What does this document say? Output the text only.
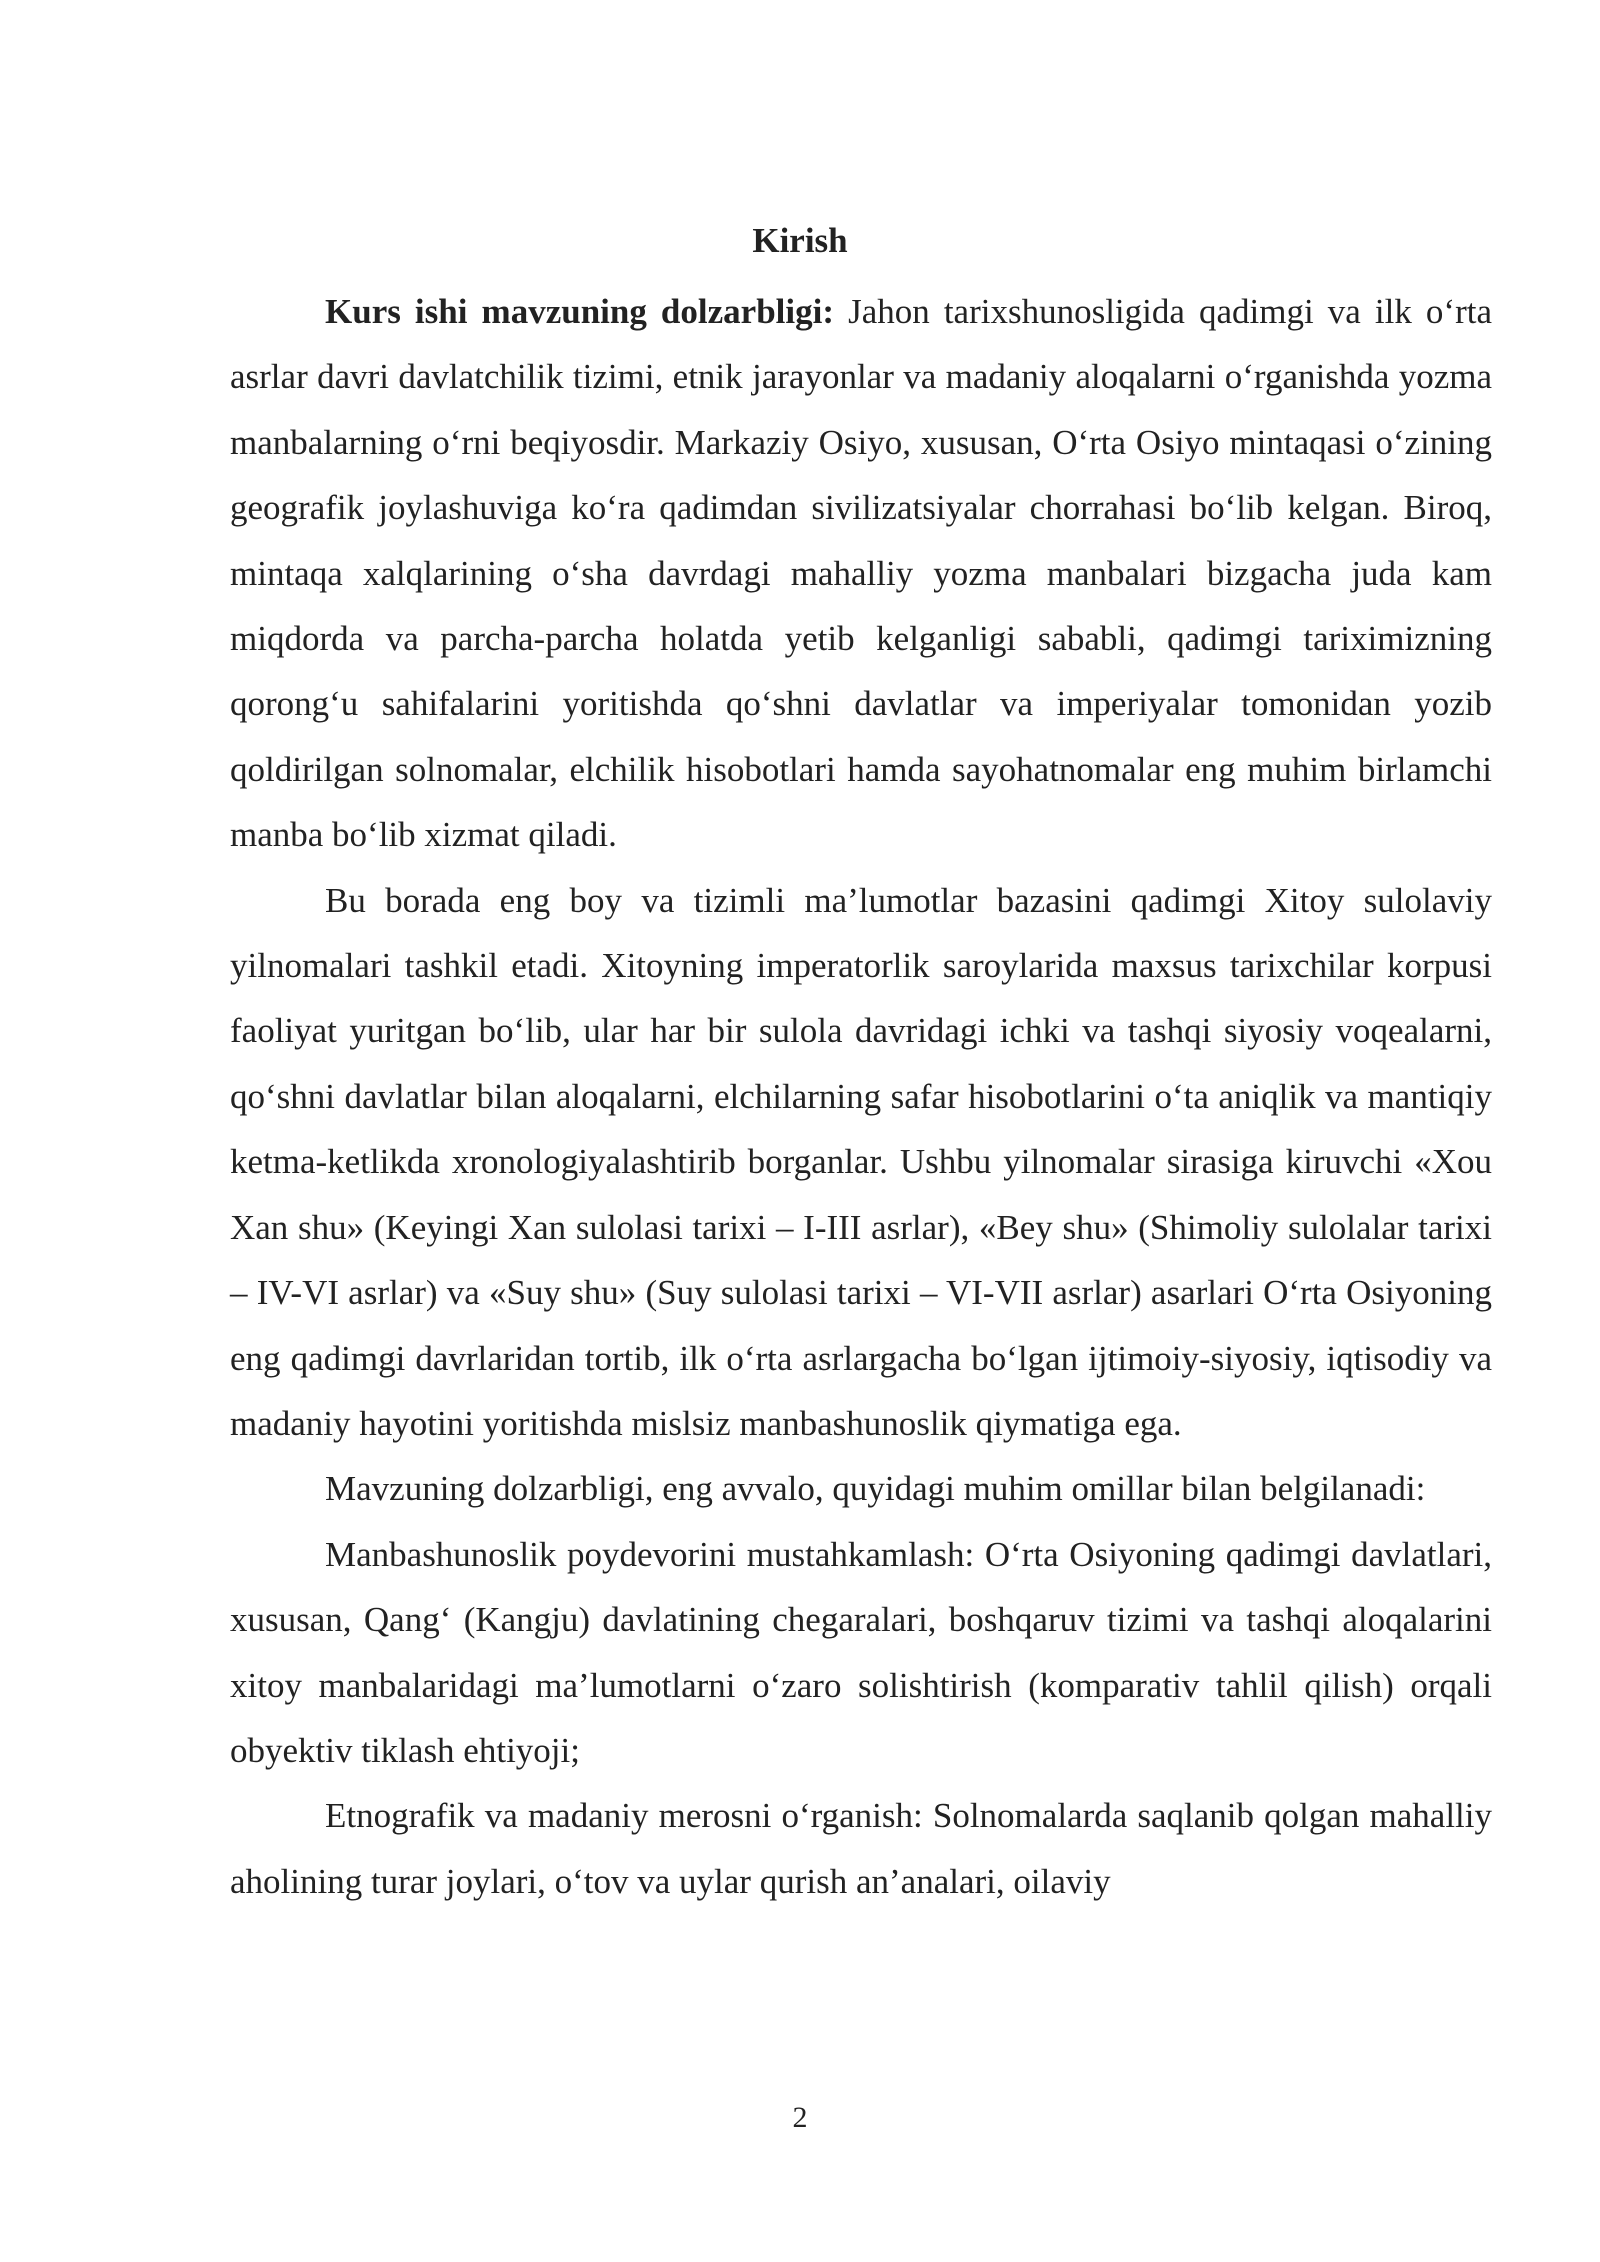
Kirish

Kurs ishi mavzuning dolzarbligi: Jahon tarixshunosligida qadimgi va ilk o‘rta asrlar davri davlatchilik tizimi, etnik jarayonlar va madaniy aloqalarni o‘rganishda yozma manbalarning o‘rni beqiyosdir. Markaziy Osiyo, xususan, O‘rta Osiyo mintaqasi o‘zining geografik joylashuviga ko‘ra qadimdan sivilizatsiyalar chorrahasi bo‘lib kelgan. Biroq, mintaqa xalqlarining o‘sha davrdagi mahalliy yozma manbalari bizgacha juda kam miqdorda va parcha-parcha holatda yetib kelganligi sababli, qadimgi tariximizning qorong‘u sahifalarini yoritishda qo‘shni davlatlar va imperiyalar tomonidan yozib qoldirilgan solnomalar, elchilik hisobotlari hamda sayohatnomalar eng muhim birlamchi manba bo‘lib xizmat qiladi.

Bu borada eng boy va tizimli ma’lumotlar bazasini qadimgi Xitoy sulolaviy yilnomalari tashkil etadi. Xitoyning imperatorlik saroylarida maxsus tarixchilar korpusi faoliyat yuritgan bo‘lib, ular har bir sulola davridagi ichki va tashqi siyosiy voqealarni, qo‘shni davlatlar bilan aloqalarni, elchilarning safar hisobotlarini o‘ta aniqlik va mantiqiy ketma-ketlikda xronologiyalashtirib borganlar. Ushbu yilnomalar sirasiga kiruvchi «Xou Xan shu» (Keyingi Xan sulolasi tarixi – I-III asrlar), «Bey shu» (Shimoliy sulolalar tarixi – IV-VI asrlar) va «Suy shu» (Suy sulolasi tarixi – VI-VII asrlar) asarlari O‘rta Osiyoning eng qadimgi davrlaridan tortib, ilk o‘rta asrlargacha bo‘lgan ijtimoiy-siyosiy, iqtisodiy va madaniy hayotini yoritishda mislsiz manbashunoslik qiymatiga ega.

Mavzuning dolzarbligi, eng avvalo, quyidagi muhim omillar bilan belgilanadi:

Manbashunoslik poydevorini mustahkamlash: O‘rta Osiyoning qadimgi davlatlari, xususan, Qang‘ (Kangju) davlatining chegaralari, boshqaruv tizimi va tashqi aloqalarini xitoy manbalaridagi ma’lumotlarni o‘zaro solishtirish (komparativ tahlil qilish) orqali obyektiv tiklash ehtiyoji;

Etnografik va madaniy merosni o‘rganish: Solnomalarda saqlanib qolgan mahalliy aholining turar joylari, o‘tov va uylar qurish an’analari, oilaviy

2
